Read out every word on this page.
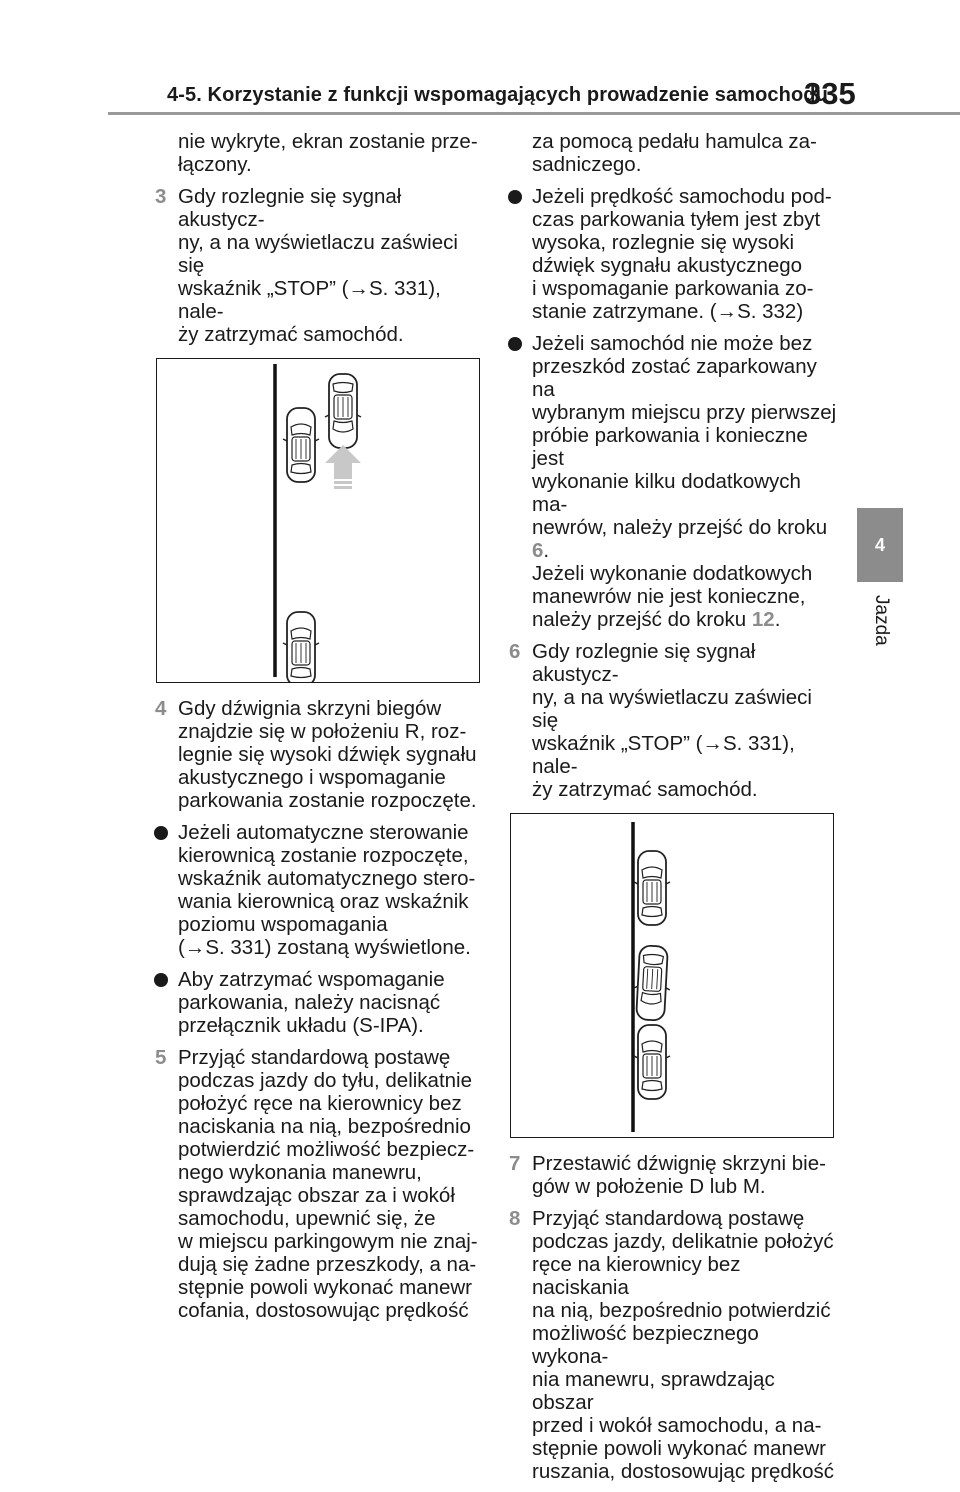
4-5. Korzystanie z funkcji wspomagających prowadzenie samochodu
335
4
Jazda
nie wykryte, ekran zostanie prze-
łączony.
3 Gdy rozlegnie się sygnał akustycz-
ny, a na wyświetlaczu zaświeci się
wskaźnik „STOP” (→S. 331), nale-
ży zatrzymać samochód.
4 Gdy dźwignia skrzyni biegów
znajdzie się w położeniu R, roz-
legnie się wysoki dźwięk sygnału
akustycznego i wspomaganie
parkowania zostanie rozpoczęte.
Jeżeli automatyczne sterowanie
kierownicą zostanie rozpoczęte,
wskaźnik automatycznego stero-
wania kierownicą oraz wskaźnik
poziomu wspomagania
(→S. 331) zostaną wyświetlone.
Aby zatrzymać wspomaganie
parkowania, należy nacisnąć
przełącznik układu (S-IPA).
5 Przyjąć standardową postawę
podczas jazdy do tyłu, delikatnie
położyć ręce na kierownicy bez
naciskania na nią, bezpośrednio
potwierdzić możliwość bezpiecz-
nego wykonania manewru,
sprawdzając obszar za i wokół
samochodu, upewnić się, że
w miejscu parkingowym nie znaj-
dują się żadne przeszkody, a na-
stępnie powoli wykonać manewr
cofania, dostosowując prędkość
za pomocą pedału hamulca za-
sadniczego.
Jeżeli prędkość samochodu pod-
czas parkowania tyłem jest zbyt
wysoka, rozlegnie się wysoki
dźwięk sygnału akustycznego
i wspomaganie parkowania zo-
stanie zatrzymane. (→S. 332)
Jeżeli samochód nie może bez
przeszkód zostać zaparkowany na
wybranym miejscu przy pierwszej
próbie parkowania i konieczne jest
wykonanie kilku dodatkowych ma-
newrów, należy przejść do kroku 6.
Jeżeli wykonanie dodatkowych
manewrów nie jest konieczne,
należy przejść do kroku 12.
6 Gdy rozlegnie się sygnał akustycz-
ny, a na wyświetlaczu zaświeci się
wskaźnik „STOP” (→S. 331), nale-
ży zatrzymać samochód.
7 Przestawić dźwignię skrzyni bie-
gów w położenie D lub M.
8 Przyjąć standardową postawę
podczas jazdy, delikatnie położyć
ręce na kierownicy bez naciskania
na nią, bezpośrednio potwierdzić
możliwość bezpiecznego wykona-
nia manewru, sprawdzając obszar
przed i wokół samochodu, a na-
stępnie powoli wykonać manewr
ruszania, dostosowując prędkość
